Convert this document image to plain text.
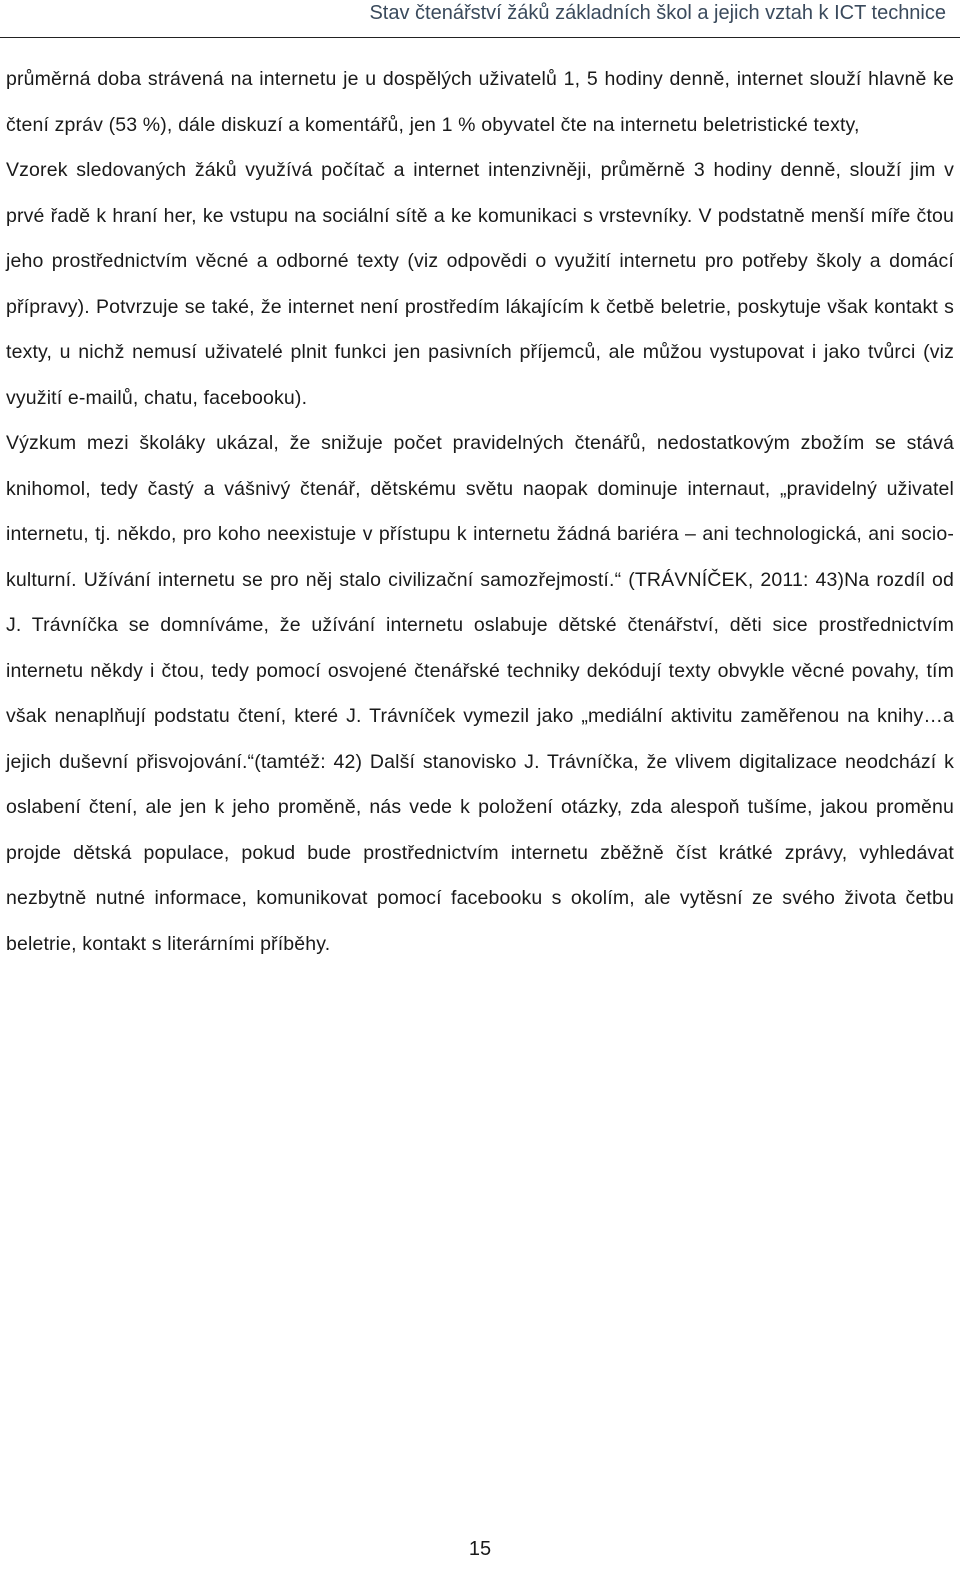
Stav čtenářství žáků základních škol a jejich vztah k ICT technice

průměrná doba strávená na internetu je u dospělých uživatelů 1, 5 hodiny denně, internet slouží hlavně ke čtení zpráv (53 %), dále diskuzí a komentářů, jen 1 % obyvatel čte na internetu beletristické texty,

Vzorek sledovaných žáků využívá počítač a internet intenzivněji, průměrně 3 hodiny denně, slouží jim v prvé řadě k hraní her, ke vstupu na sociální sítě a ke komunikaci s vrstevníky. V podstatně menší míře čtou jeho prostřednictvím věcné a odborné texty (viz odpovědi o využití internetu pro potřeby školy a domácí přípravy). Potvrzuje se také, že internet není prostředím lákajícím k četbě beletrie, poskytuje však kontakt s texty, u nichž nemusí uživatelé plnit funkci jen pasivních příjemců, ale můžou vystupovat i jako tvůrci (viz využití e-mailů, chatu, facebooku).

Výzkum mezi školáky ukázal, že snižuje počet pravidelných čtenářů, nedostatkovým zbožím se stává knihomol, tedy častý a vášnivý čtenář, dětskému světu naopak dominuje internaut, „pravidelný uživatel internetu, tj. někdo, pro koho neexistuje v přístupu k internetu žádná bariéra – ani technologická, ani socio-kulturní. Užívání internetu se pro něj stalo civilizační samozřejmostí.“ (TRÁVNÍČEK, 2011: 43)Na rozdíl od J. Trávníčka se domníváme, že užívání internetu oslabuje dětské čtenářství, děti sice prostřednictvím internetu někdy i čtou, tedy pomocí osvojené čtenářské techniky dekódují texty obvykle věcné povahy, tím však nenaplňují podstatu čtení, které J. Trávníček vymezil jako „mediální aktivitu zaměřenou na knihy…a jejich duševní přisvojování.“(tamtéž: 42) Další stanovisko J. Trávníčka, že vlivem digitalizace neodchází k oslabení čtení, ale jen k jeho proměně, nás vede k položení otázky, zda alespoň tušíme, jakou proměnu projde dětská populace, pokud bude prostřednictvím internetu zběžně číst krátké zprávy, vyhledávat nezbytně nutné informace, komunikovat pomocí facebooku s okolím, ale vytěsní ze svého života četbu beletrie, kontakt s literárními příběhy.

15
